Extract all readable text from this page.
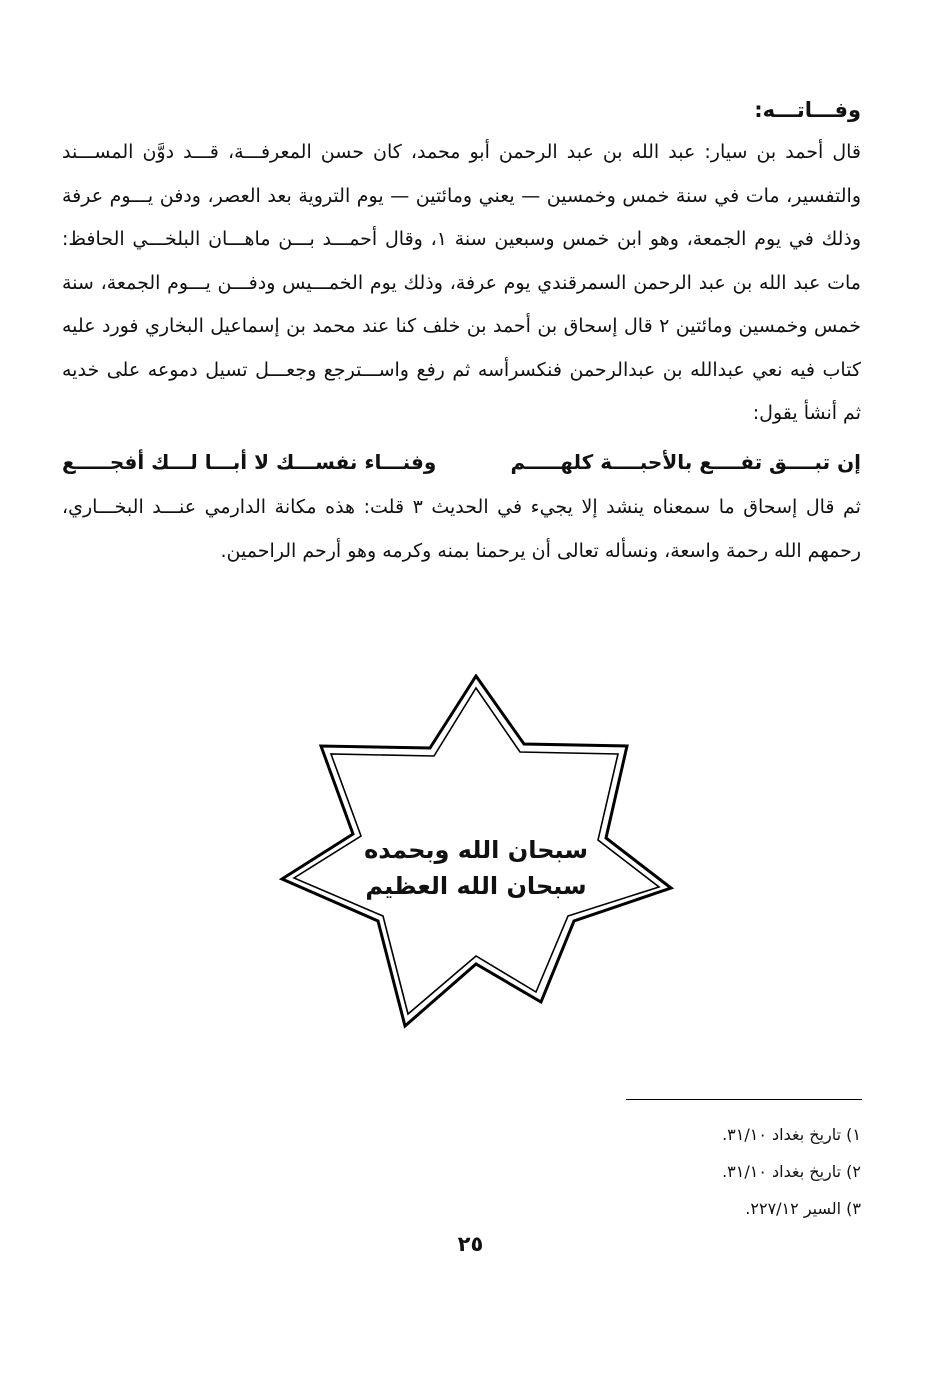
وفـــاتـــه:
قال أحمد بن سيار: عبد الله بن عبد الرحمن أبو محمد، كان حسن المعرفـــة، قـــد دوَّن المســـند والتفسير، مات في سنة خمس وخمسين — يعني ومائتين — يوم التروية بعد العصر، ودفن يـــوم عرفة وذلك في يوم الجمعة، وهو ابن خمس وسبعين سنة ١، وقال أحمـــد بـــن ماهـــان البلخـــي الحافظ: مات عبد الله بن عبد الرحمن السمرقندي يوم عرفة، وذلك يوم الخمـــيس ودفـــن يـــوم الجمعة، سنة خمس وخمسين ومائتين ٢ قال إسحاق بن أحمد بن خلف كنا عند محمد بن إسماعيل البخاري فورد عليه كتاب فيه نعي عبدالله بن عبدالرحمن فنكسرأسه ثم رفع واســـترجع وجعـــل تسيل دموعه على خديه ثم أنشأ يقول:
إن تبــــق تفــــع بالأحبــــة كلهـــــم
وفنـــاء نفســـك لا أبـــا لـــك أفجـــــع
ثم قال إسحاق ما سمعناه ينشد إلا يجيء في الحديث ٣ قلت: هذه مكانة الدارمي عنـــد البخـــاري، رحمهم الله رحمة واسعة، ونسأله تعالى أن يرحمنا بمنه وكرمه وهو أرحم الراحمين.
سبحان الله وبحمده
سبحان الله العظيم
١) تاريخ بغداد ٣١/١٠.
٢) تاريخ بغداد ٣١/١٠.
٣) السير ٢٢٧/١٢.
٢٥
